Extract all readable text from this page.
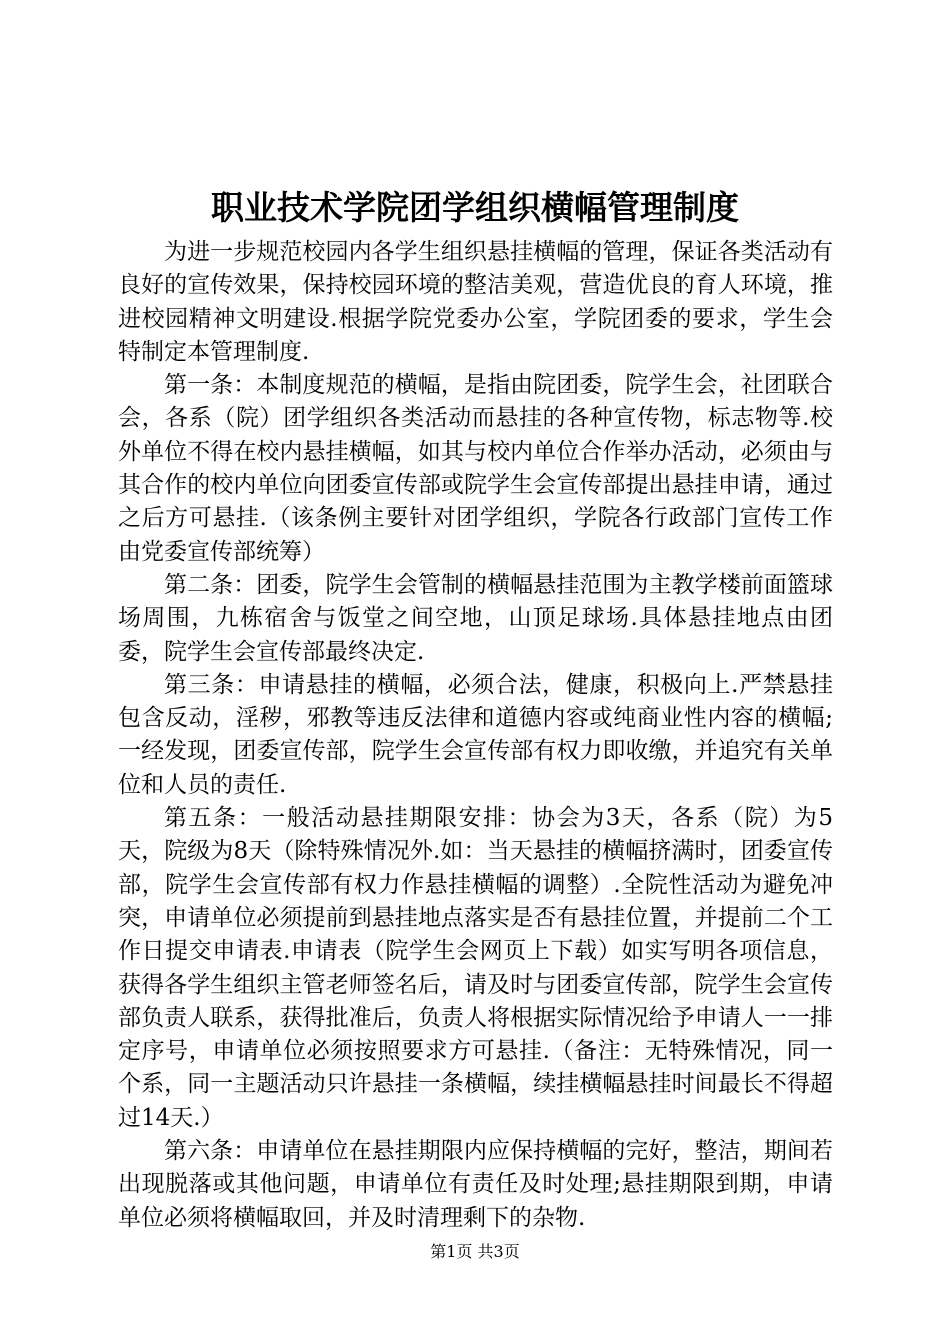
职业技术学院团学组织横幅管理制度

为进一步规范校园内各学生组织悬挂横幅的管理，保证各类活动有良好的宣传效果，保持校园环境的整洁美观，营造优良的育人环境，推进校园精神文明建设.根据学院党委办公室，学院团委的要求，学生会特制定本管理制度.

第一条：本制度规范的横幅，是指由院团委，院学生会，社团联合会，各系（院）团学组织各类活动而悬挂的各种宣传物，标志物等.校外单位不得在校内悬挂横幅，如其与校内单位合作举办活动，必须由与其合作的校内单位向团委宣传部或院学生会宣传部提出悬挂申请，通过之后方可悬挂.（该条例主要针对团学组织，学院各行政部门宣传工作由党委宣传部统筹）

第二条：团委，院学生会管制的横幅悬挂范围为主教学楼前面篮球场周围，九栋宿舍与饭堂之间空地，山顶足球场.具体悬挂地点由团委，院学生会宣传部最终决定.

第三条：申请悬挂的横幅，必须合法，健康，积极向上.严禁悬挂包含反动，淫秽，邪教等违反法律和道德内容或纯商业性内容的横幅;一经发现，团委宣传部，院学生会宣传部有权力即收缴，并追究有关单位和人员的责任.

第五条：一般活动悬挂期限安排：协会为3天，各系（院）为5天，院级为8天（除特殊情况外.如：当天悬挂的横幅挤满时，团委宣传部，院学生会宣传部有权力作悬挂横幅的调整）.全院性活动为避免冲突，申请单位必须提前到悬挂地点落实是否有悬挂位置，并提前二个工作日提交申请表.申请表（院学生会网页上下载）如实写明各项信息，获得各学生组织主管老师签名后，请及时与团委宣传部，院学生会宣传部负责人联系，获得批准后，负责人将根据实际情况给予申请人一一排定序号，申请单位必须按照要求方可悬挂.（备注：无特殊情况，同一个系，同一主题活动只许悬挂一条横幅，续挂横幅悬挂时间最长不得超过14天.）

第六条：申请单位在悬挂期限内应保持横幅的完好，整洁，期间若出现脱落或其他问题，申请单位有责任及时处理;悬挂期限到期，申请单位必须将横幅取回，并及时清理剩下的杂物.

第1页 共3页
